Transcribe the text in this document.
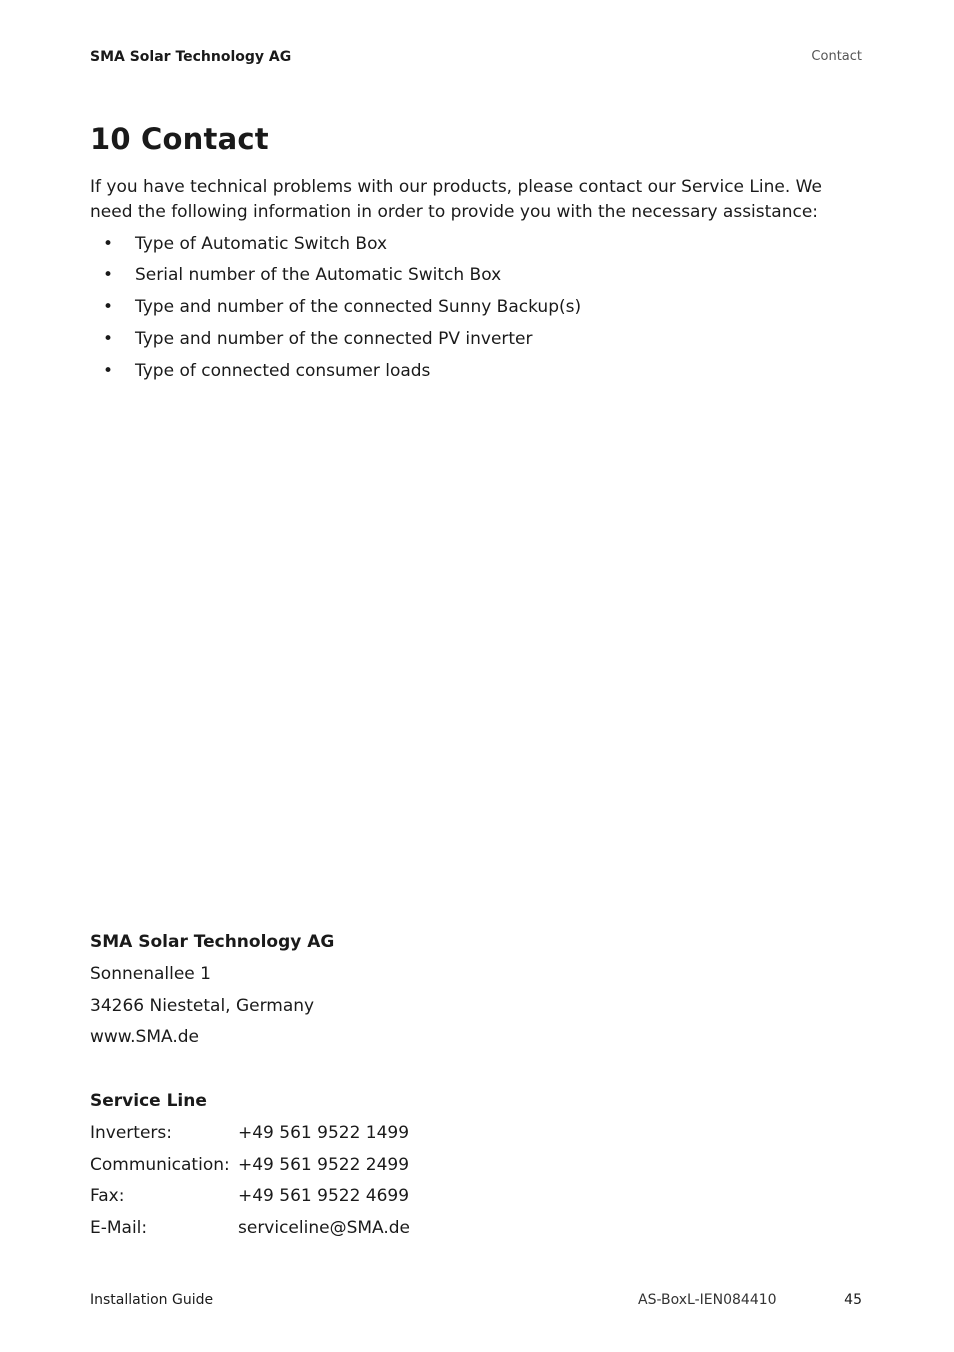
SMA Solar Technology AG	Contact
10 Contact

If you have technical problems with our products, please contact our Service Line. We need the following information in order to provide you with the necessary assistance:

• Type of Automatic Switch Box
• Serial number of the Automatic Switch Box
• Type and number of the connected Sunny Backup(s)
• Type and number of the connected PV inverter
• Type of connected consumer loads
SMA Solar Technology AG
Sonnenallee 1
34266 Niestetal, Germany
www.SMA.de
Service Line
Inverters:	+49 561 9522 1499
Communication: +49 561 9522 2499
Fax:	+49 561 9522 4699
E-Mail:	serviceline@SMA.de
Installation Guide	AS-BoxL-IEN084410	45
